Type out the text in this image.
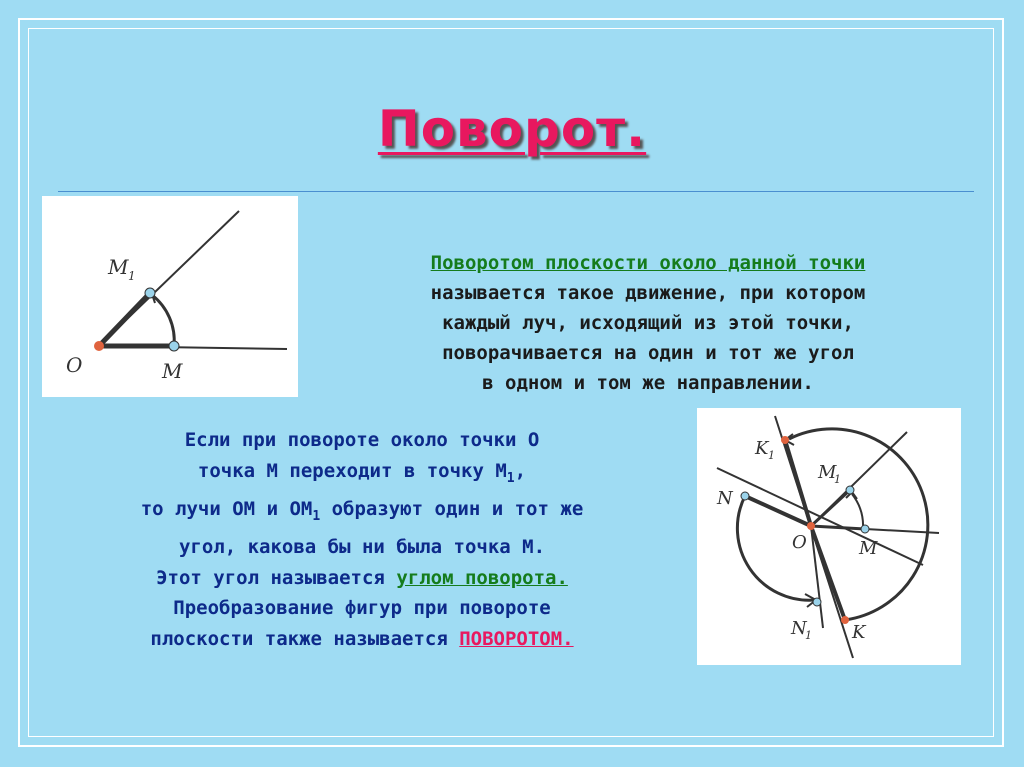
Поворот.
O	M
M 1
Поворотом плоскости около данной точки
называется такое движение, при котором
каждый луч, исходящий из этой точки,
поворачивается на один и тот же угол
в одном и том же направлении.
Если при повороте около точки О
точка М переходит в точку $М_1$,
то лучи ОМ и $ОМ_1$ образуют один и тот же
угол, какова бы ни была точка М.
Этот угол называется углом поворота.
Преобразование фигур при повороте
плоскости также называется ПОВОРОТОМ.
K 1
M
1
N
O	M
N
1 K
